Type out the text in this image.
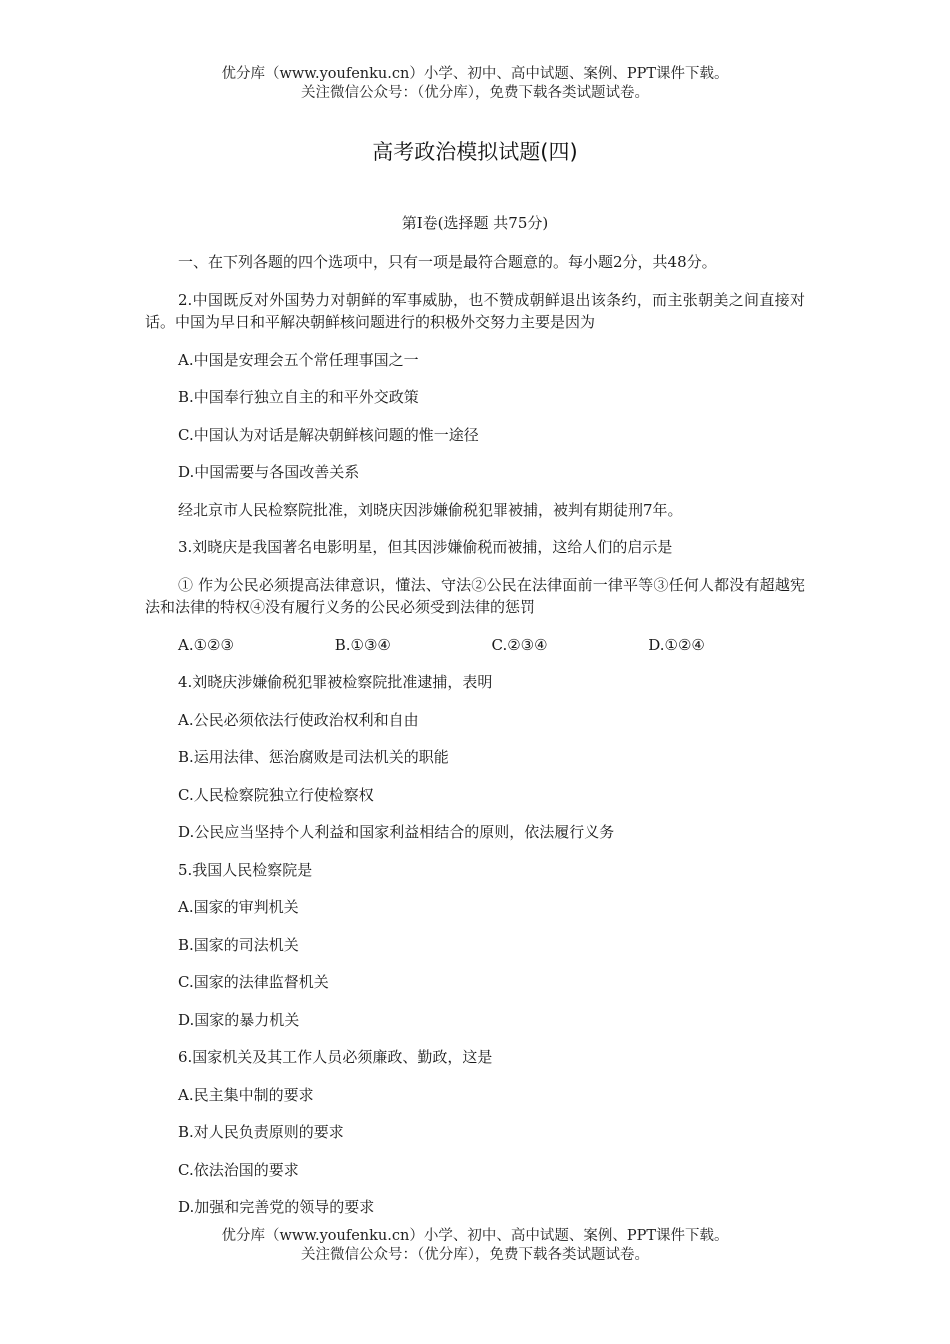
优分库（www.youfenku.cn）小学、初中、高中试题、案例、PPT课件下载。
关注微信公众号：（优分库），免费下载各类试题试卷。
高考政治模拟试题(四)
第Ⅰ卷(选择题 共75分)

一、在下列各题的四个选项中，只有一项是最符合题意的。每小题2分，共48分。

2.中国既反对外国势力对朝鲜的军事威胁，也不赞成朝鲜退出该条约，而主张朝美之间直接对话。中国为早日和平解决朝鲜核问题进行的积极外交努力主要是因为

A.中国是安理会五个常任理事国之一
B.中国奉行独立自主的和平外交政策
C.中国认为对话是解决朝鲜核问题的惟一途径
D.中国需要与各国改善关系

经北京市人民检察院批准，刘晓庆因涉嫌偷税犯罪被捕，被判有期徒刑7年。

3.刘晓庆是我国著名电影明星，但其因涉嫌偷税而被捕，这给人们的启示是

① 作为公民必须提高法律意识，懂法、守法②公民在法律面前一律平等③任何人都没有超越宪法和法律的特权④没有履行义务的公民必须受到法律的惩罚

A.①②③	B.①③④	C.②③④	D.①②④

4.刘晓庆涉嫌偷税犯罪被检察院批准逮捕，表明

A.公民必须依法行使政治权利和自由
B.运用法律、惩治腐败是司法机关的职能
C.人民检察院独立行使检察权
D.公民应当坚持个人利益和国家利益相结合的原则，依法履行义务

5.我国人民检察院是

A.国家的审判机关
B.国家的司法机关
C.国家的法律监督机关
D.国家的暴力机关

6.国家机关及其工作人员必须廉政、勤政，这是

A.民主集中制的要求
B.对人民负责原则的要求
C.依法治国的要求
D.加强和完善党的领导的要求
优分库（www.youfenku.cn）小学、初中、高中试题、案例、PPT课件下载。
关注微信公众号：（优分库），免费下载各类试题试卷。
